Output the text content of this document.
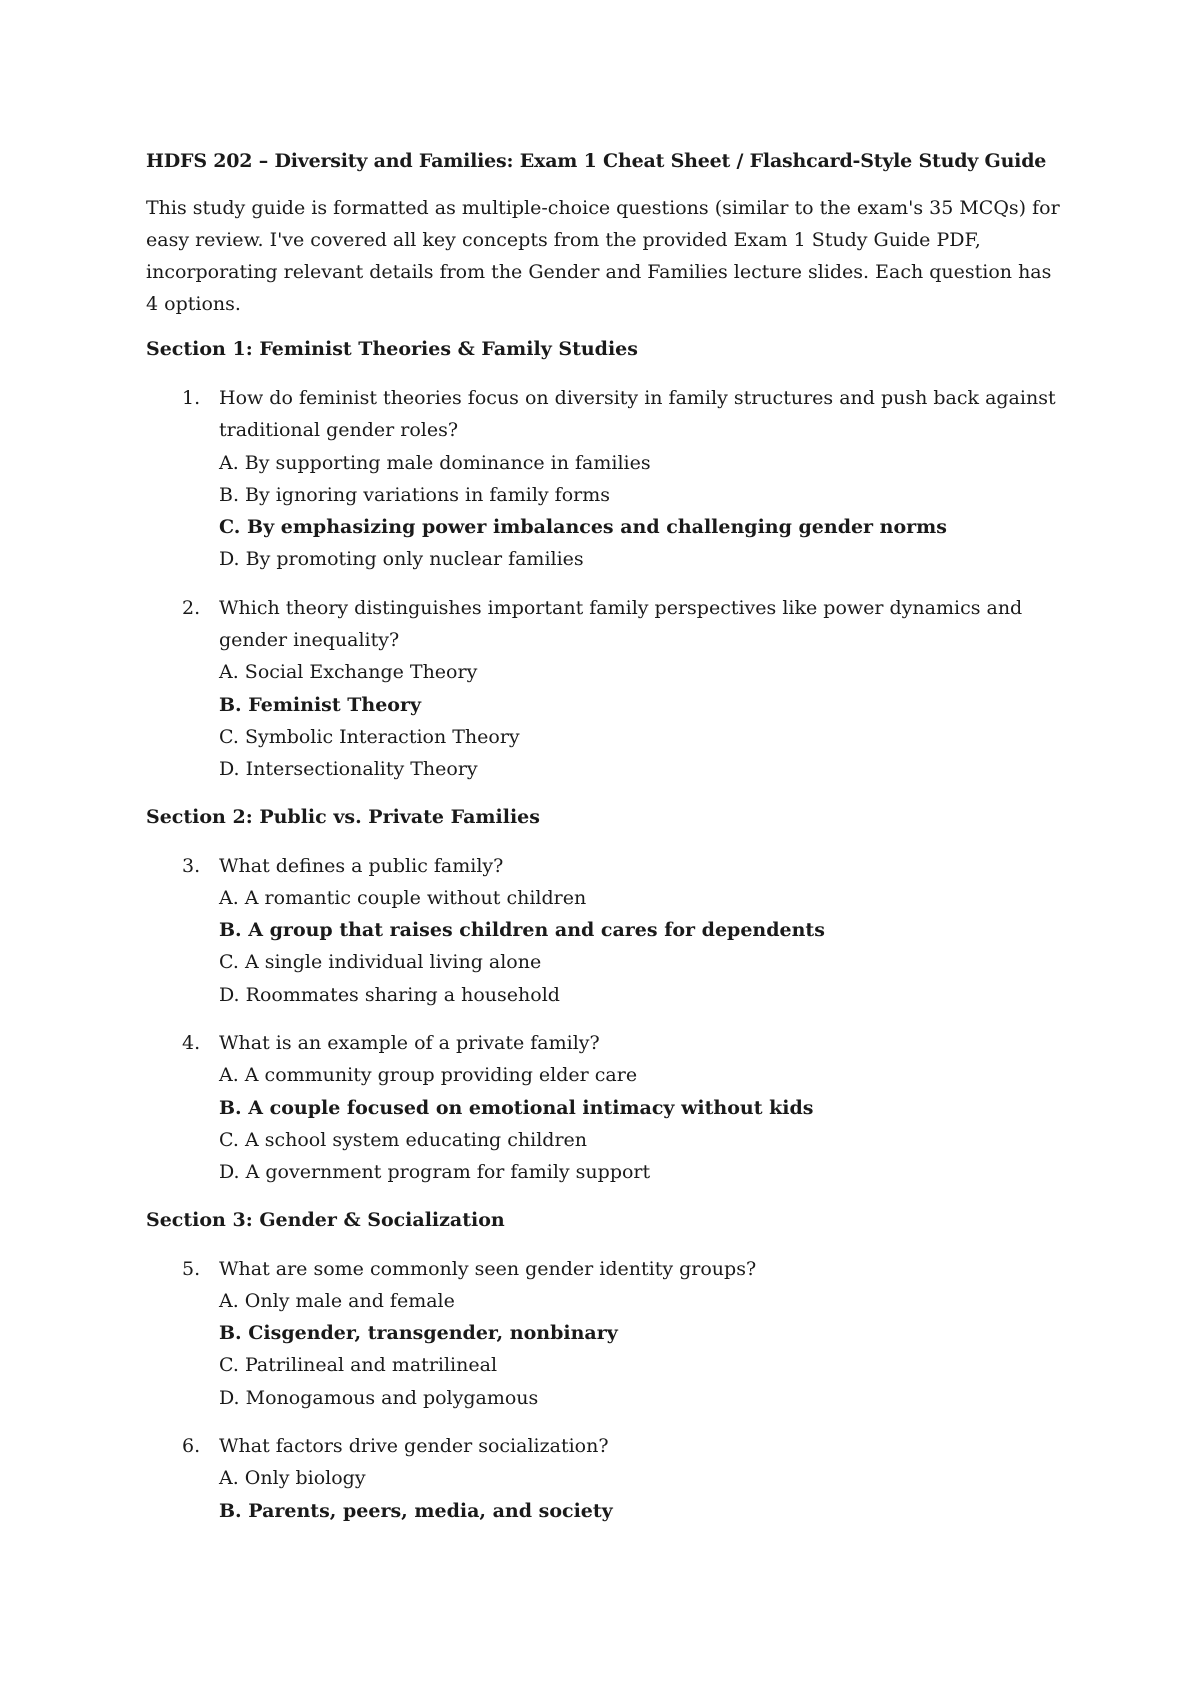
HDFS 202 – Diversity and Families: Exam 1 Cheat Sheet / Flashcard-Style Study Guide
This study guide is formatted as multiple-choice questions (similar to the exam's 35 MCQs) for easy review. I've covered all key concepts from the provided Exam 1 Study Guide PDF, incorporating relevant details from the Gender and Families lecture slides. Each question has 4 options.
Section 1: Feminist Theories & Family Studies
1. How do feminist theories focus on diversity in family structures and push back against traditional gender roles?
A. By supporting male dominance in families
B. By ignoring variations in family forms
C. By emphasizing power imbalances and challenging gender norms
D. By promoting only nuclear families
2. Which theory distinguishes important family perspectives like power dynamics and gender inequality?
A. Social Exchange Theory
B. Feminist Theory
C. Symbolic Interaction Theory
D. Intersectionality Theory
Section 2: Public vs. Private Families
3. What defines a public family?
A. A romantic couple without children
B. A group that raises children and cares for dependents
C. A single individual living alone
D. Roommates sharing a household
4. What is an example of a private family?
A. A community group providing elder care
B. A couple focused on emotional intimacy without kids
C. A school system educating children
D. A government program for family support
Section 3: Gender & Socialization
5. What are some commonly seen gender identity groups?
A. Only male and female
B. Cisgender, transgender, nonbinary
C. Patrilineal and matrilineal
D. Monogamous and polygamous
6. What factors drive gender socialization?
A. Only biology
B. Parents, peers, media, and society
